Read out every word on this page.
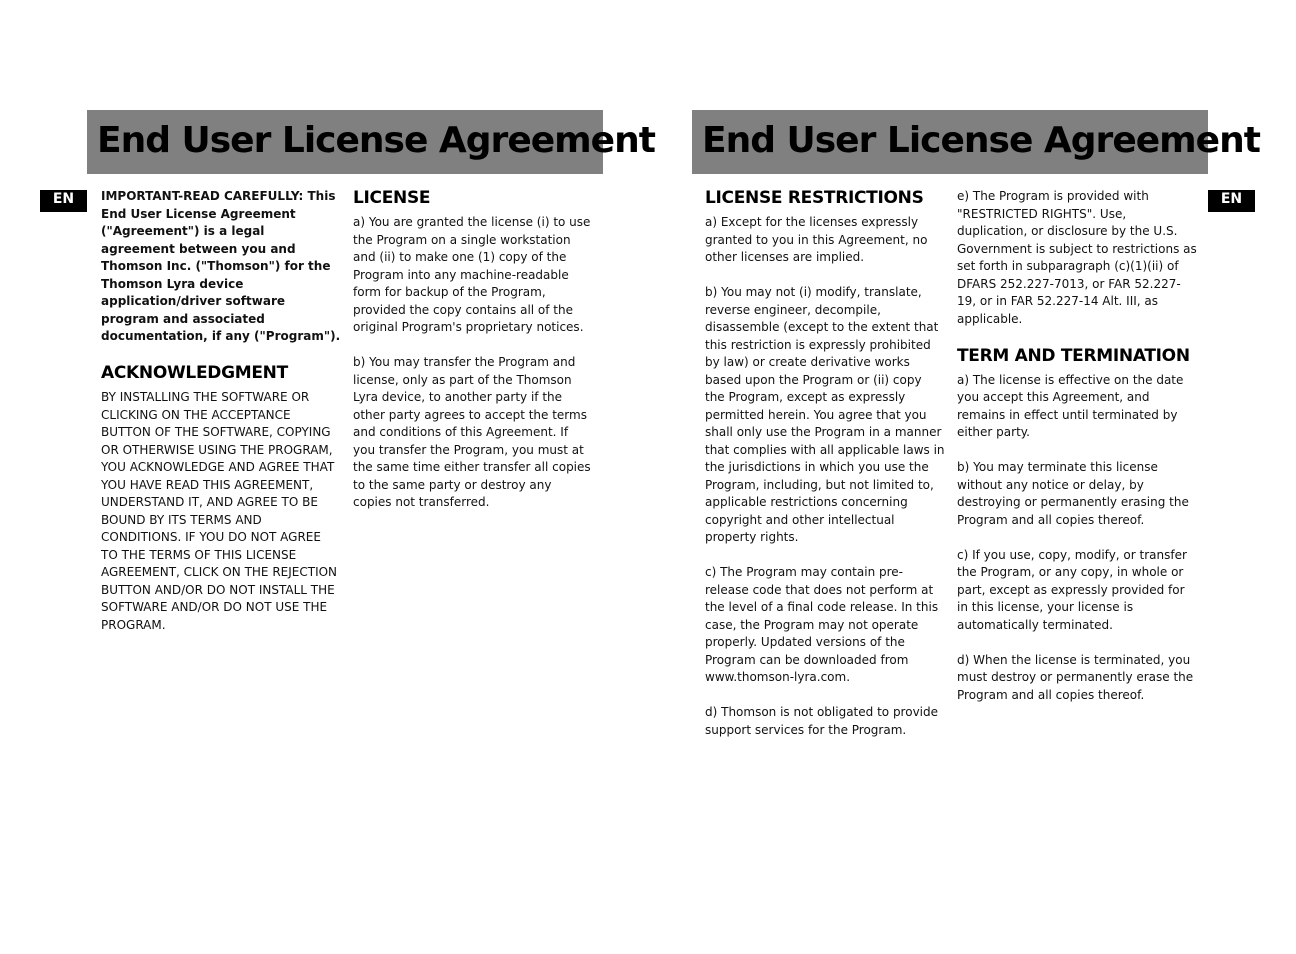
End User License Agreement
EN	IMPORTANT-READ CAREFULLY: This End User License Agreement ("Agreement") is a legal agreement between you and Thomson Inc. ("Thomson") for the Thomson Lyra device application/driver software program and associated documentation, if any ("Program").

ACKNOWLEDGMENT

BY INSTALLING THE SOFTWARE OR CLICKING ON THE ACCEPTANCE BUTTON OF THE SOFTWARE, COPYING OR OTHERWISE USING THE PROGRAM, YOU ACKNOWLEDGE AND AGREE THAT YOU HAVE READ THIS AGREEMENT, UNDERSTAND IT, AND AGREE TO BE BOUND BY ITS TERMS AND CONDITIONS. IF YOU DO NOT AGREE TO THE TERMS OF THIS LICENSE AGREEMENT, CLICK ON THE REJECTION BUTTON AND/OR DO NOT INSTALL THE SOFTWARE AND/OR DO NOT USE THE PROGRAM.

LICENSE

a) You are granted the license (i) to use the Program on a single workstation and (ii) to make one (1) copy of the Program into any machine-readable form for backup of the Program, provided the copy contains all of the original Program's proprietary notices.

b) You may transfer the Program and license, only as part of the Thomson Lyra device, to another party if the other party agrees to accept the terms and conditions of this Agreement. If you transfer the Program, you must at the same time either transfer all copies to the same party or destroy any copies not transferred.

End User License Agreement
EN
LICENSE RESTRICTIONS

a) Except for the licenses expressly granted to you in this Agreement, no other licenses are implied.

b) You may not (i) modify, translate, reverse engineer, decompile, disassemble (except to the extent that this restriction is expressly prohibited by law) or create derivative works based upon the Program or (ii) copy the Program, except as expressly permitted herein. You agree that you shall only use the Program in a manner that complies with all applicable laws in the jurisdictions in which you use the Program, including, but not limited to, applicable restrictions concerning copyright and other intellectual property rights.

c) The Program may contain pre-release code that does not perform at the level of a final code release. In this case, the Program may not operate properly. Updated versions of the Program can be downloaded from www.thomson-lyra.com.

d) Thomson is not obligated to provide support services for the Program.

e) The Program is provided with "RESTRICTED RIGHTS". Use, duplication, or disclosure by the U.S. Government is subject to restrictions as set forth in subparagraph (c)(1)(ii) of DFARS 252.227-7013, or FAR 52.227-19, or in FAR 52.227-14 Alt. III, as applicable.

TERM AND TERMINATION

a) The license is effective on the date you accept this Agreement, and remains in effect until terminated by either party.

b) You may terminate this license without any notice or delay, by destroying or permanently erasing the Program and all copies thereof.

c) If you use, copy, modify, or transfer the Program, or any copy, in whole or part, except as expressly provided for in this license, your license is automatically terminated.

d) When the license is terminated, you must destroy or permanently erase the Program and all copies thereof.
